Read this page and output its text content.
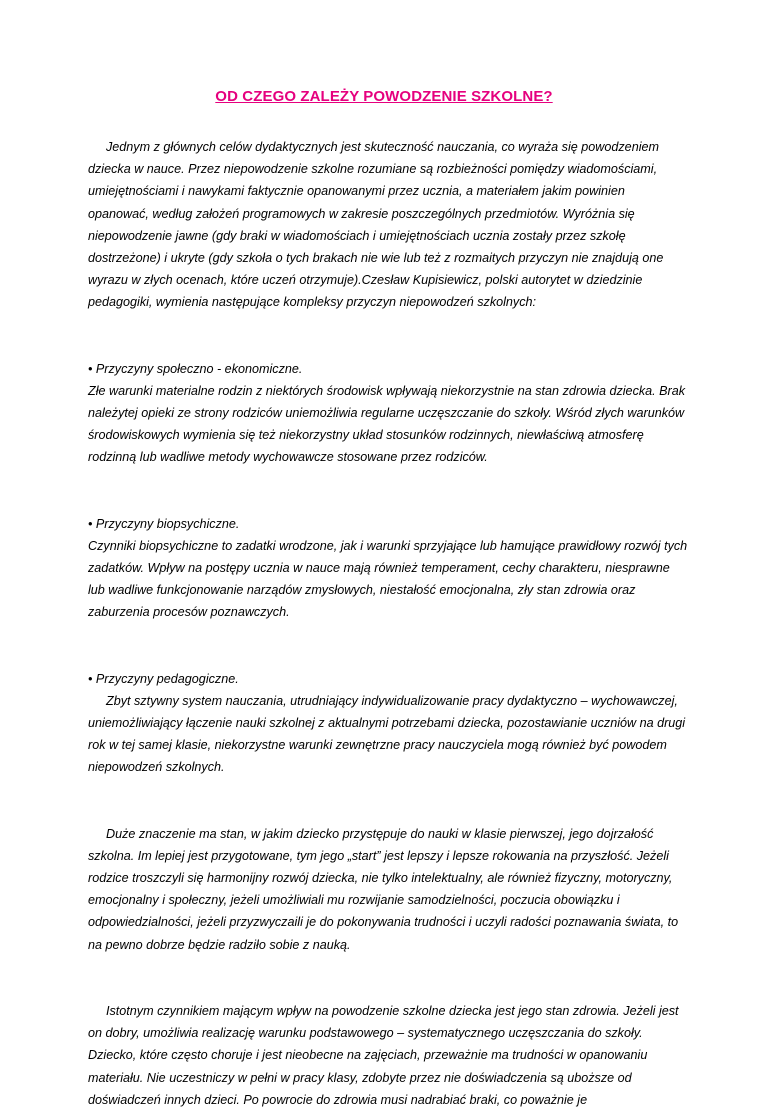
OD CZEGO ZALEŻY POWODZENIE SZKOLNE?

Jednym z głównych celów dydaktycznych jest skuteczność nauczania, co wyraża się powodzeniem dziecka w nauce. Przez niepowodzenie szkolne rozumiane są rozbieżności pomiędzy wiadomościami, umiejętnościami i nawykami faktycznie opanowanymi przez ucznia, a materiałem jakim powinien opanować, według założeń programowych w zakresie poszczególnych przedmiotów. Wyróżnia się niepowodzenie jawne (gdy braki w wiadomościach i umiejętnościach ucznia zostały przez szkołę dostrzeżone) i ukryte (gdy szkoła o tych brakach nie wie lub też z rozmaitych przyczyn nie znajdują one wyrazu w złych ocenach, które uczeń otrzymuje).Czesław Kupisiewicz, polski autorytet w dziedzinie pedagogiki, wymienia następujące kompleksy przyczyn niepowodzeń szkolnych:

• Przyczyny społeczno - ekonomiczne.

Złe warunki materialne rodzin z niektórych środowisk wpływają niekorzystnie na stan zdrowia dziecka. Brak należytej opieki ze strony rodziców uniemożliwia regularne uczęszczanie do szkoły. Wśród złych warunków środowiskowych wymienia się też niekorzystny układ stosunków rodzinnych, niewłaściwą atmosferę rodzinną lub wadliwe metody wychowawcze stosowane przez rodziców.

• Przyczyny biopsychiczne.

Czynniki biopsychiczne to zadatki wrodzone, jak i warunki sprzyjające lub hamujące prawidłowy rozwój tych zadatków. Wpływ na postępy ucznia w nauce mają również temperament, cechy charakteru, niesprawne lub wadliwe funkcjonowanie narządów zmysłowych, niestałość emocjonalna, zły stan zdrowia oraz zaburzenia procesów poznawczych.

• Przyczyny pedagogiczne.

Zbyt sztywny system nauczania, utrudniający indywidualizowanie pracy dydaktyczno – wychowawczej, uniemożliwiający łączenie nauki szkolnej z aktualnymi potrzebami dziecka, pozostawianie uczniów na drugi rok w tej samej klasie, niekorzystne warunki zewnętrzne pracy nauczyciela mogą również być powodem niepowodzeń szkolnych.

Duże znaczenie ma stan, w jakim dziecko przystępuje do nauki w klasie pierwszej, jego dojrzałość szkolna. Im lepiej jest przygotowane, tym jego „start” jest lepszy i lepsze rokowania na przyszłość. Jeżeli rodzice troszczyli się harmonijny rozwój dziecka, nie tylko intelektualny, ale również fizyczny, motoryczny, emocjonalny i społeczny, jeżeli umożliwiali mu rozwijanie samodzielności, poczucia obowiązku i odpowiedzialności, jeżeli przyzwyczaili je do pokonywania trudności i uczyli radości poznawania świata, to na pewno dobrze będzie radziło sobie z nauką.

Istotnym czynnikiem mającym wpływ na powodzenie szkolne dziecka jest jego stan zdrowia. Jeżeli jest on dobry, umożliwia realizację warunku podstawowego – systematycznego uczęszczania do szkoły. Dziecko, które często choruje i jest nieobecne na zajęciach, przeważnie ma trudności w opanowaniu materiału. Nie uczestniczy w pełni w pracy klasy, zdobyte przez nie doświadczenia są uboższe od doświadczeń innych dzieci. Po powrocie do zdrowia musi nadrabiać braki, co poważnie je
